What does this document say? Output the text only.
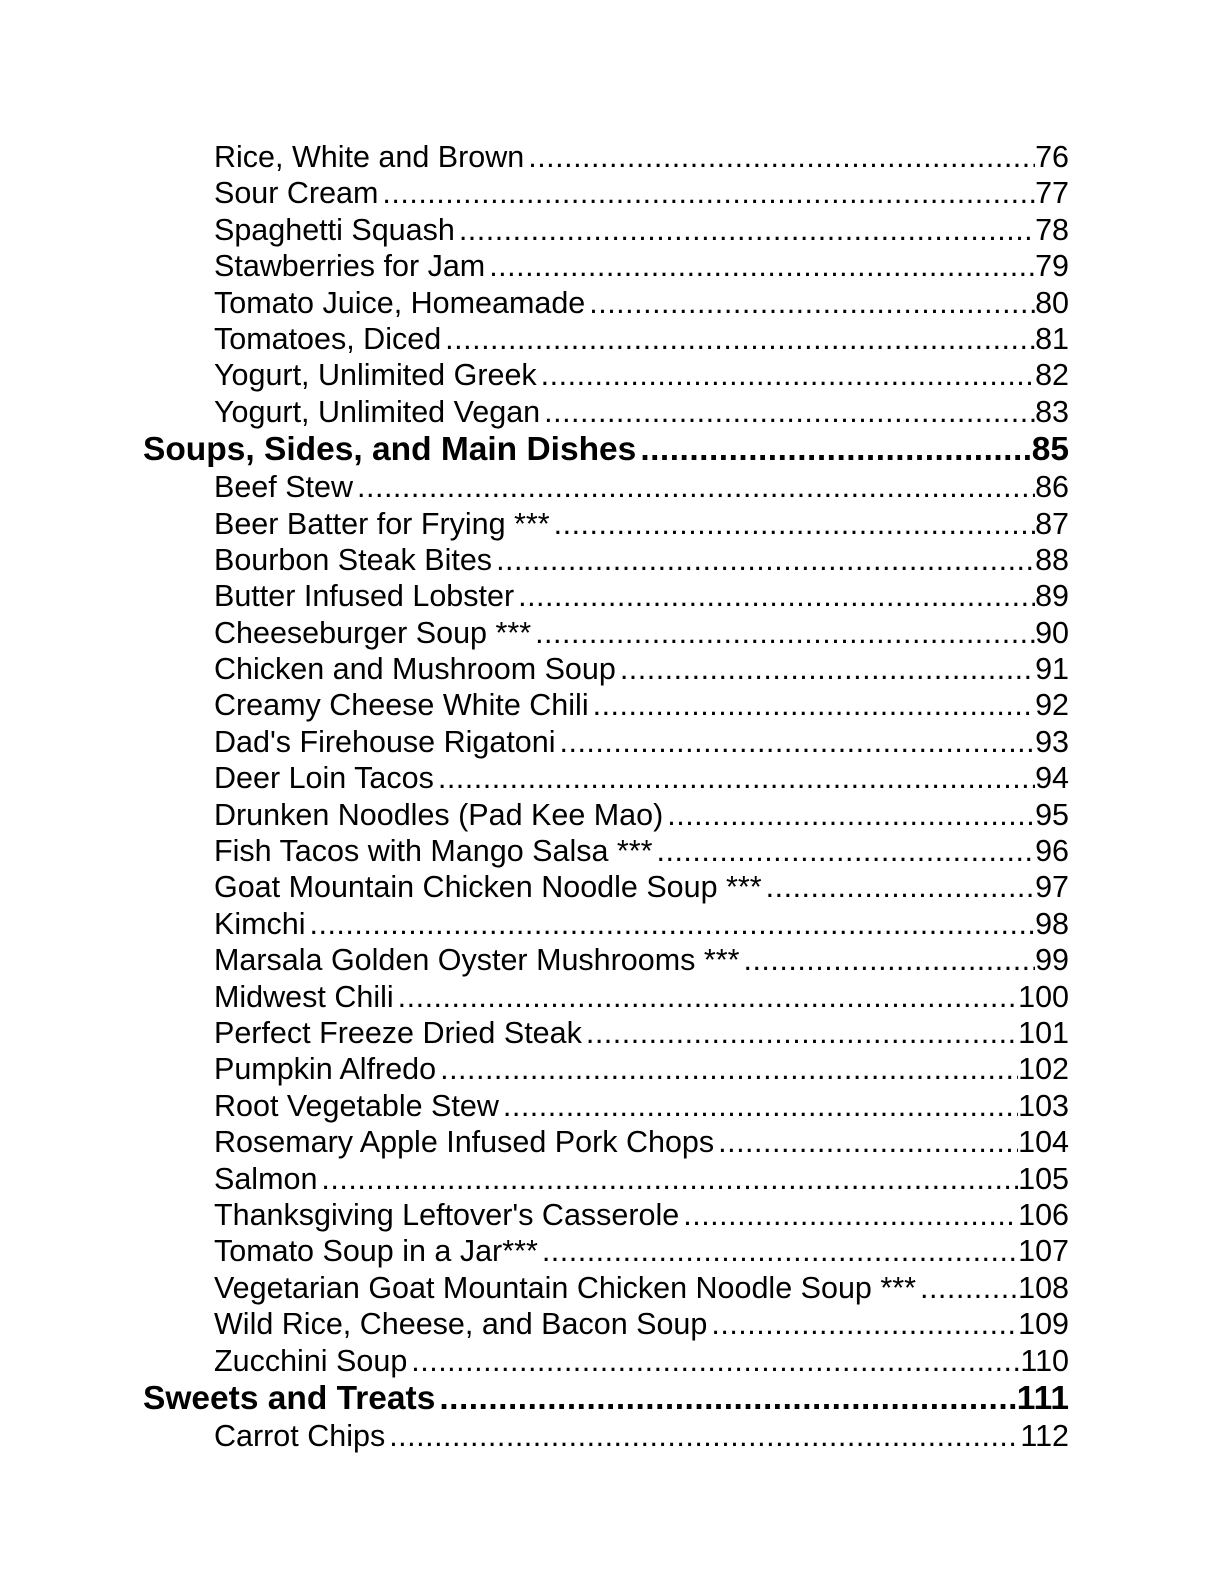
Rice, White and Brown .....	76
Sour Cream .....	77
Spaghetti Squash .....	78
Stawberries for Jam .....	79
Tomato Juice, Homeamade .....	80
Tomatoes, Diced .....	81
Yogurt, Unlimited Greek .....	82
Yogurt, Unlimited Vegan .....	83
Soups, Sides, and Main Dishes .....	85
Beef Stew .....	86
Beer Batter for Frying *** .....	87
Bourbon Steak Bites .....	88
Butter Infused Lobster .....	89
Cheeseburger Soup *** .....	90
Chicken and Mushroom Soup .....	91
Creamy Cheese White Chili .....	92
Dad's Firehouse Rigatoni .....	93
Deer Loin Tacos .....	94
Drunken Noodles (Pad Kee Mao) .....	95
Fish Tacos with Mango Salsa *** .....	96
Goat Mountain Chicken Noodle Soup *** .....	97
Kimchi .....	98
Marsala Golden Oyster Mushrooms *** .....	99
Midwest Chili .....	100
Perfect Freeze Dried Steak .....	101
Pumpkin Alfredo .....	102
Root Vegetable Stew .....	103
Rosemary Apple Infused Pork Chops .....	104
Salmon .....	105
Thanksgiving Leftover's Casserole .....	106
Tomato Soup in a Jar*** .....	107
Vegetarian Goat Mountain Chicken Noodle Soup *** .....	108
Wild Rice, Cheese, and Bacon Soup .....	109
Zucchini Soup .....	110
Sweets and Treats .....	111
Carrot Chips .....	112
